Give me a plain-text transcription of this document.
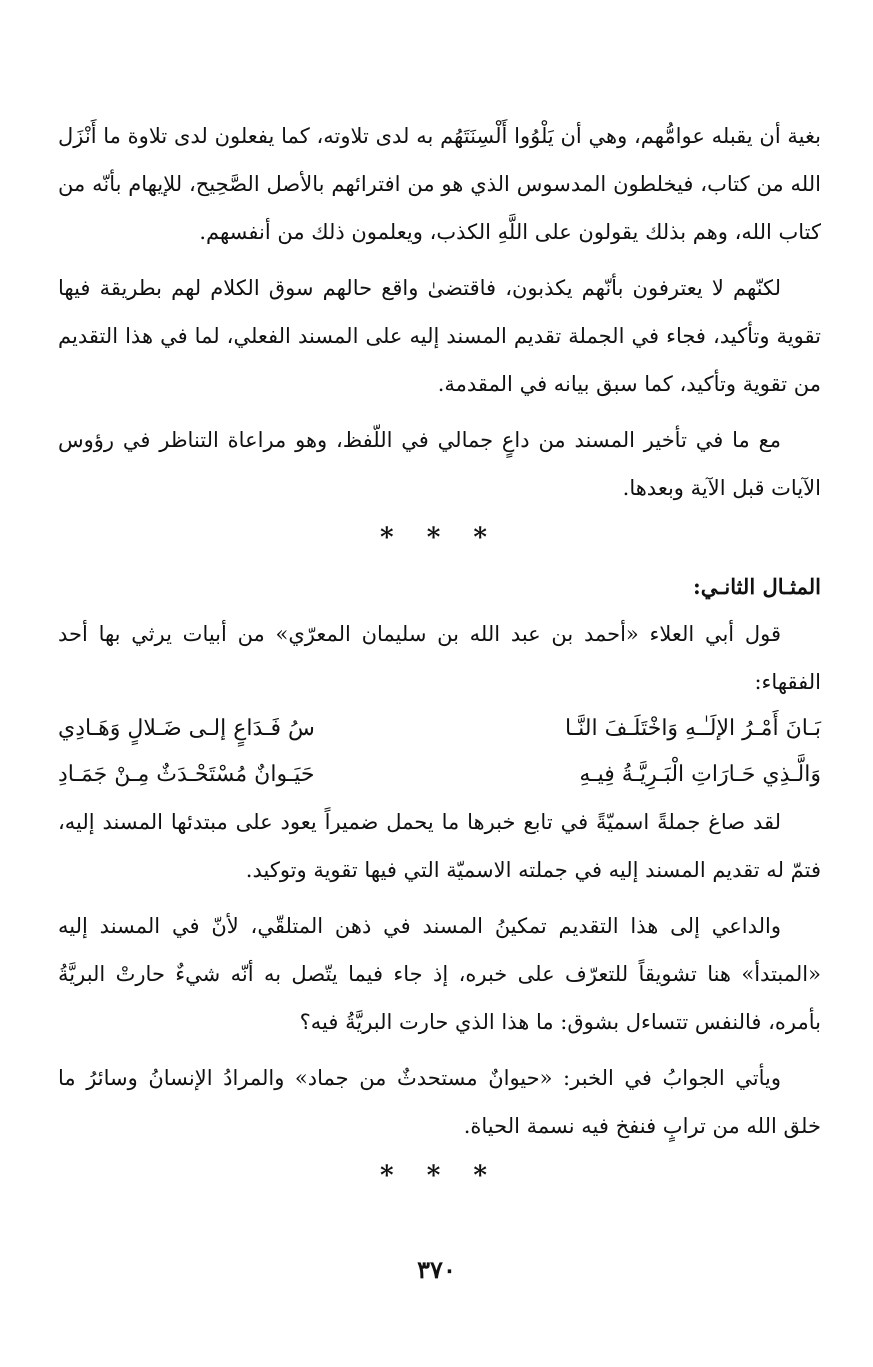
بغية أن يقبله عوامُّهم، وهي أن يَلْوُوا أَلْسِنَتَهُم به لدى تلاوته، كما يفعلون لدى تلاوة ما أَنْزَل الله من كتاب، فيخلطون المدسوس الذي هو من افترائهم بالأصل الصَّحِيح، للإيهام بأنّه من كتاب الله، وهم بذلك يقولون على اللَّهِ الكذب، ويعلمون ذلك من أنفسهم.

لكنّهم لا يعترفون بأنّهم يكذبون، فاقتضىٰ واقع حالهم سوق الكلام لهم بطريقة فيها تقوية وتأكيد، فجاء في الجملة تقديم المسند إليه على المسند الفعلي، لما في هذا التقديم من تقوية وتأكيد، كما سبق بيانه في المقدمة.

مع ما في تأخير المسند من داعٍ جمالي في اللّفظ، وهو مراعاة التناظر في رؤوس الآيات قبل الآية وبعدها.

* * *
المثـال الثانـي:

قول أبي العلاء «أحمد بن عبد الله بن سليمان المعرّي» من أبيات يرثي بها أحد الفقهاء:

بَـانَ أَمْـرُ الإلَـٰـهِ وَاخْتَلَـفَ النَّـا
سُ فَـدَاعٍ إلـى ضَـلالٍ وَهَـادِي
وَالَّـذِي حَـارَاتِ الْبَـرِيَّـةُ فِيـهِ
حَيَـوانٌ مُسْتَحْـدَثٌ مِـنْ جَمَـادِ

لقد صاغ جملةً اسميّةً في تابع خبرها ما يحمل ضميراً يعود على مبتدئها المسند إليه، فتمّ له تقديم المسند إليه في جملته الاسميّة التي فيها تقوية وتوكيد.

والداعي إلى هذا التقديم تمكينُ المسند في ذهن المتلقّي، لأنّ في المسند إليه «المبتدأ» هنا تشويقاً للتعرّف على خبره، إذ جاء فيما يتّصل به أنّه شيءٌ حارتْ البريَّةُ بأمره، فالنفس تتساءل بشوق: ما هذا الذي حارت البريَّةُ فيه؟

ويأتي الجوابُ في الخبر: «حيوانٌ مستحدثٌ من جماد» والمرادُ الإنسانُ وسائرُ ما خلق الله من ترابٍ فنفخ فيه نسمة الحياة.

* * *
٣٧٠
